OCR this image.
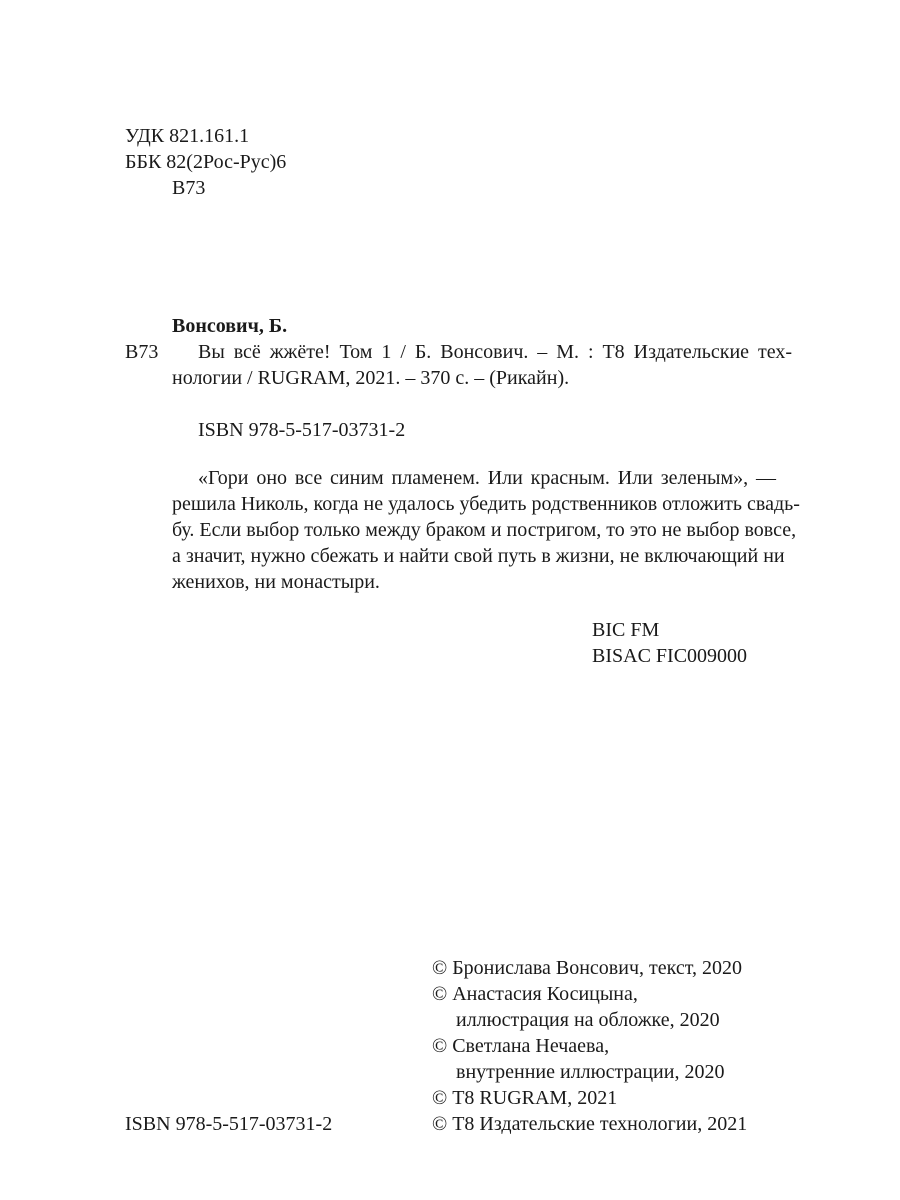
УДК 821.161.1
ББК 82(2Рос-Рус)6
В73
Вонсович, Б.
В73	Вы всё жжёте! Том 1 / Б. Вонсович. – М. : Т8 Издательские тех-
нологии / RUGRAM, 2021. – 370 с. – (Рикайн).
ISBN 978-5-517-03731-2
«Гори оно все синим пламенем. Или красным. Или зеленым», —
решила Николь, когда не удалось убедить родственников отложить свадь-
бу. Если выбор только между браком и постригом, то это не выбор вовсе,
а значит, нужно сбежать и найти свой путь в жизни, не включающий ни
женихов, ни монастыри.
BIC FM
BISAC FIC009000
© Бронислава Вонсович, текст, 2020
© Анастасия Косицына,
иллюстрация на обложке, 2020
© Светлана Нечаева,
внутренние иллюстрации, 2020
© Т8 RUGRAM, 2021
© Т8 Издательские технологии, 2021
ISBN 978-5-517-03731-2
